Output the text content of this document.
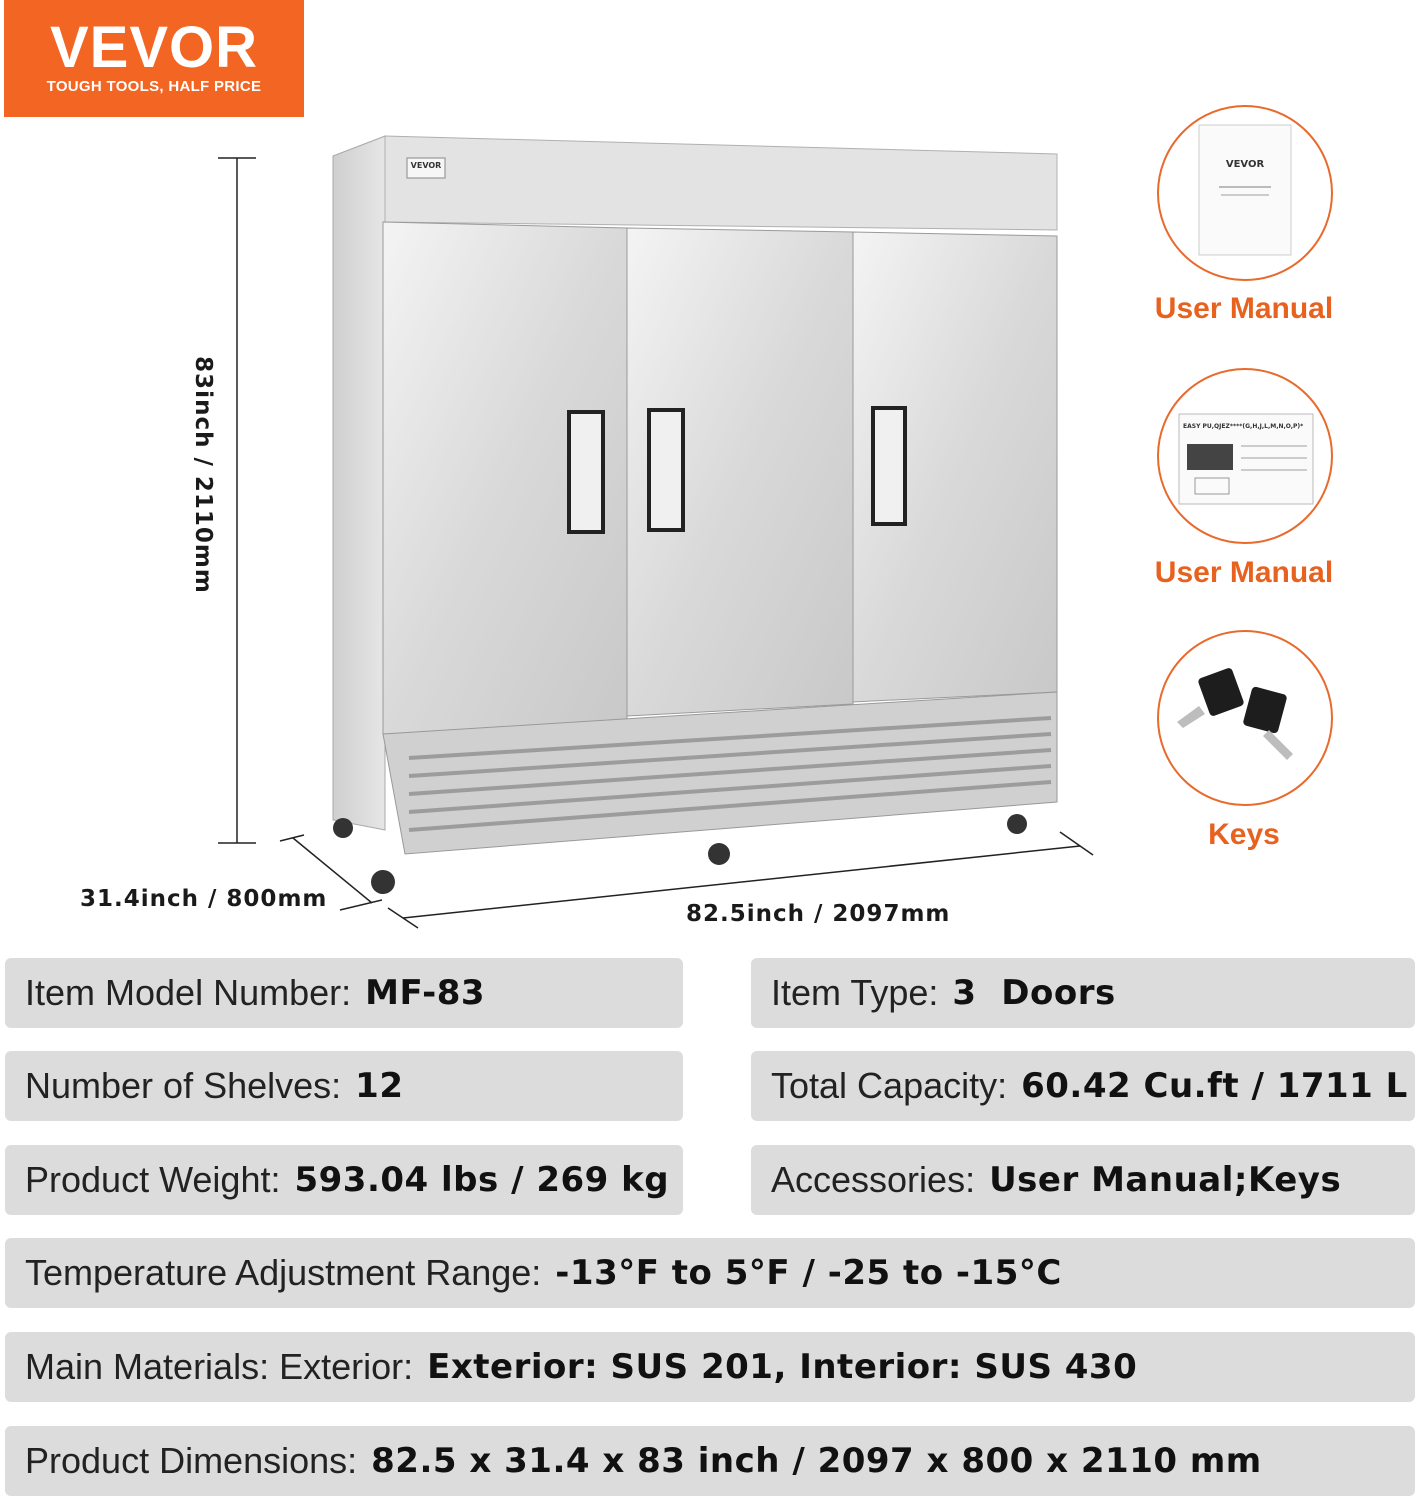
VEVOR
TOUGH TOOLS, HALF PRICE
VEVOR
83inch / 2110mm
31.4inch / 800mm
82.5inch / 2097mm
VEVOR
User Manual
EASY PU,QJEZ****(G,H,J,L,M,N,O,P)*
User Manual
Keys
Item Model Number: MF-83	Item Type: 3  Doors
Number of Shelves: 12	Total Capacity: 60.42 Cu.ft / 1711 L
Product Weight: 593.04 lbs / 269 kg	Accessories: User Manual;Keys
Temperature Adjustment Range: -13°F to 5°F / -25 to -15°C
Main Materials: Exterior: Exterior: SUS 201, Interior: SUS 430
Product Dimensions: 82.5 x 31.4 x 83 inch / 2097 x 800 x 2110 mm
